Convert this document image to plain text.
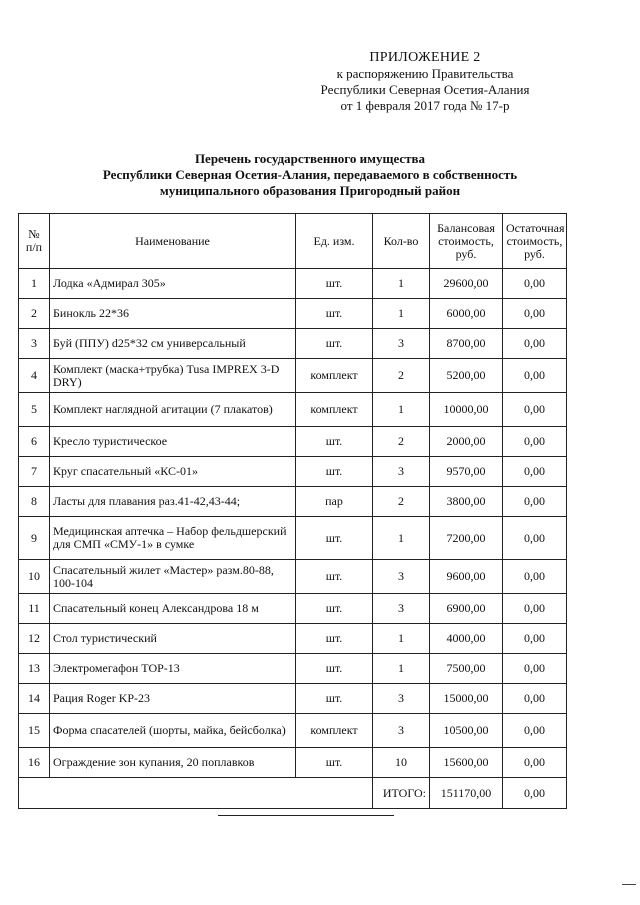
ПРИЛОЖЕНИЕ 2
к распоряжению Правительства
Республики Северная Осетия-Алания
от 1 февраля 2017 года № 17-р
Перечень государственного имущества
Республики Северная Осетия-Алания, передаваемого в собственность
муниципального образования Пригородный район
№ п/п	Наименование	Ед. изм.	Кол-во	Балансовая стоимость, руб.	Остаточная стоимость, руб.
1	Лодка «Адмирал 305»	шт.	1	29600,00	0,00
2	Бинокль 22*36	шт.	1	6000,00	0,00
3	Буй (ППУ) d25*32 см универсальный	шт.	3	8700,00	0,00
4	Комплект (маска+трубка) Tusa IMPREX 3-D DRY)	комплект	2	5200,00	0,00
5	Комплект наглядной агитации (7 плакатов)	комплект	1	10000,00	0,00
6	Кресло туристическое	шт.	2	2000,00	0,00
7	Круг спасательный «КС-01»	шт.	3	9570,00	0,00
8	Ласты для плавания раз.41-42,43-44;	пар	2	3800,00	0,00
9	Медицинская аптечка – Набор фельдшерский для СМП «СМУ-1» в сумке	шт.	1	7200,00	0,00
10	Спасательный жилет «Мастер» разм.80-88, 100-104	шт.	3	9600,00	0,00
11	Спасательный конец Александрова 18 м	шт.	3	6900,00	0,00
12	Стол туристический	шт.	1	4000,00	0,00
13	Электромегафон ТОР-13	шт.	1	7500,00	0,00
14	Рация Roger KP-23	шт.	3	15000,00	0,00
15	Форма спасателей (шорты, майка, бейсболка)	комплект	3	10500,00	0,00
16	Ограждение зон купания, 20 поплавков	шт.	10	15600,00	0,00
			ИТОГО:	151170,00	0,00
